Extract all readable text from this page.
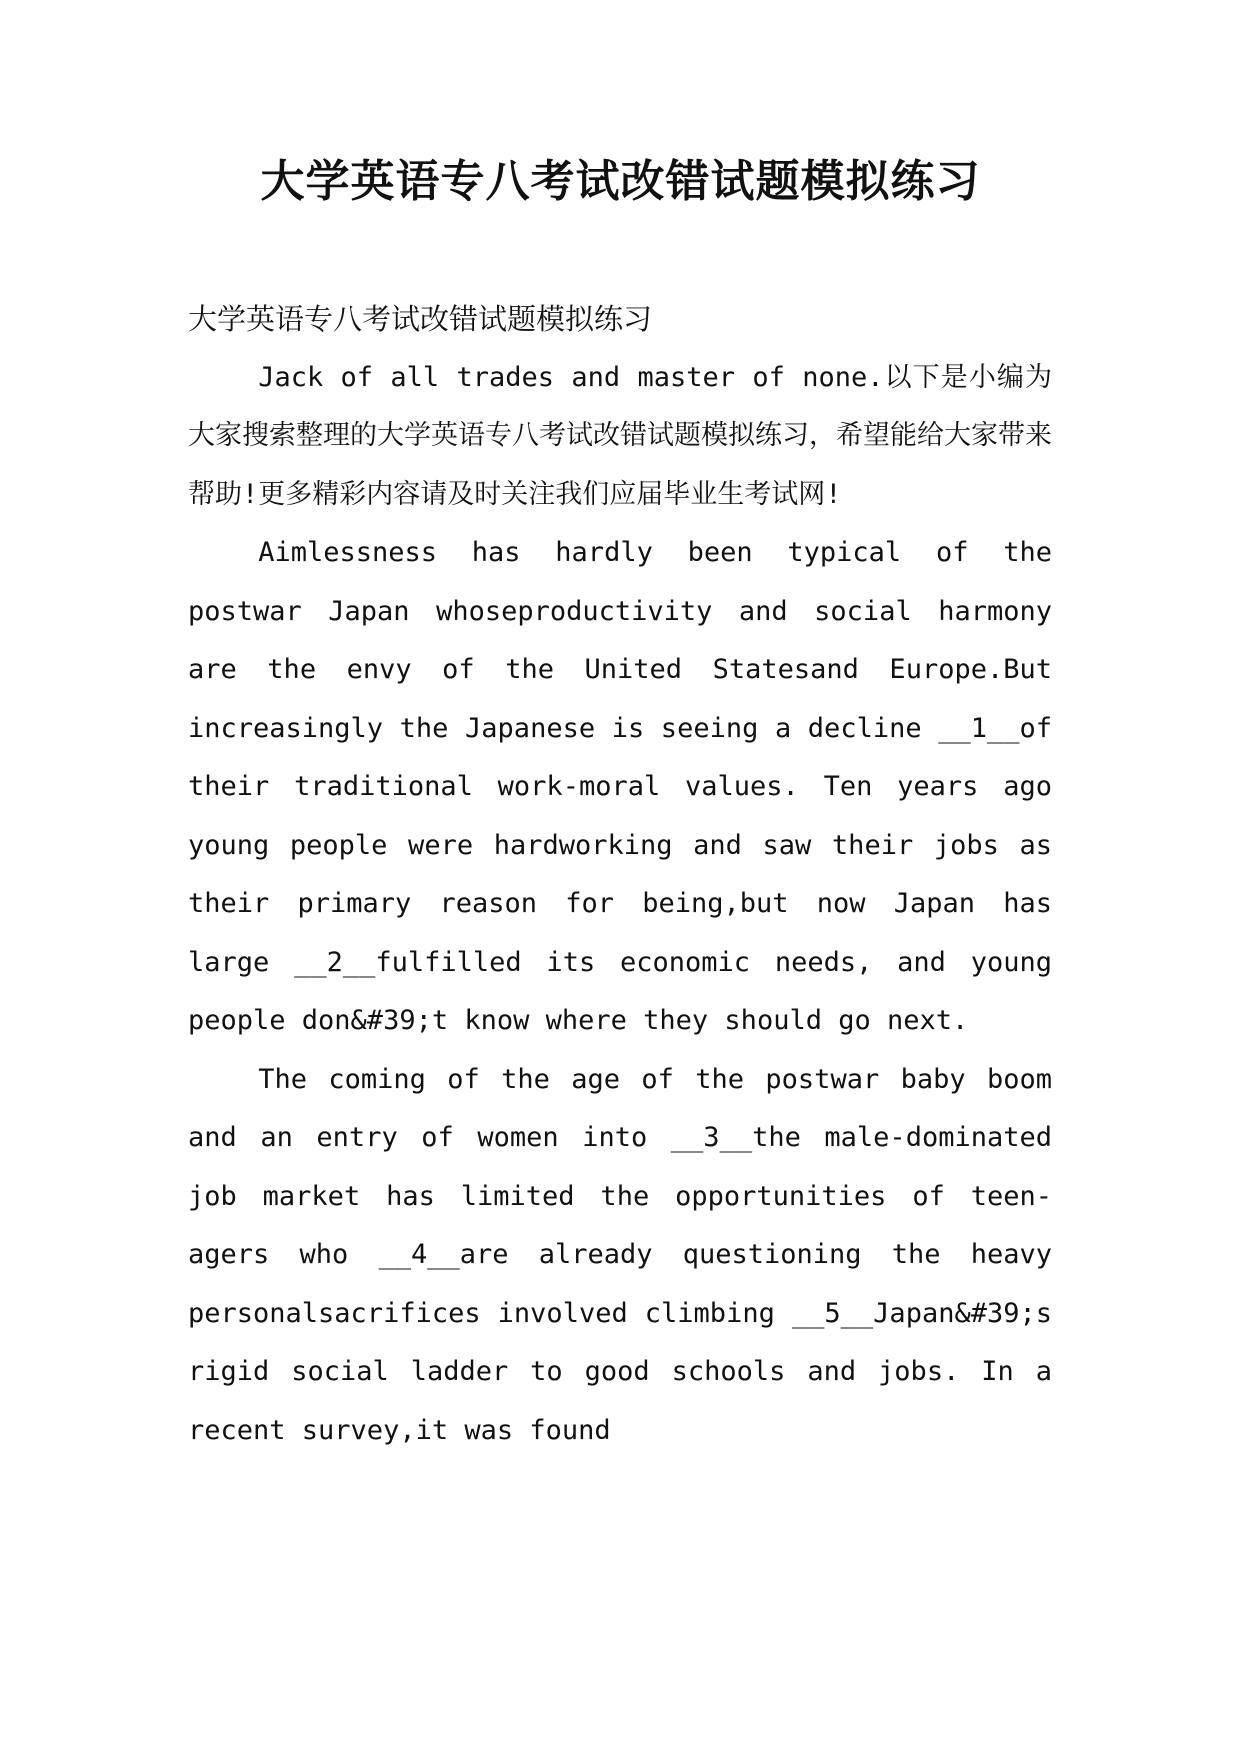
大学英语专八考试改错试题模拟练习

大学英语专八考试改错试题模拟练习

Jack of all trades and master of none.以下是小编为大家搜索整理的大学英语专八考试改错试题模拟练习，希望能给大家带来帮助!更多精彩内容请及时关注我们应届毕业生考试网!

Aimlessness has hardly been typical of the postwar Japan whoseproductivity and social harmony are the envy of the United Statesand Europe.But increasingly the Japanese is seeing a decline __1__of their traditional work-moral values. Ten years ago young people were hardworking and saw their jobs as their primary reason for being,but now Japan has large __2__fulfilled its economic needs, and young people don&#39;t know where they should go next.

The coming of the age of the postwar baby boom and an entry of women into __3__the male-dominated job market has limited the opportunities of teen-agers who __4__are already questioning the heavy personalsacrifices involved climbing __5__Japan&#39;s rigid social ladder to good schools and jobs. In a recent survey,it was found
